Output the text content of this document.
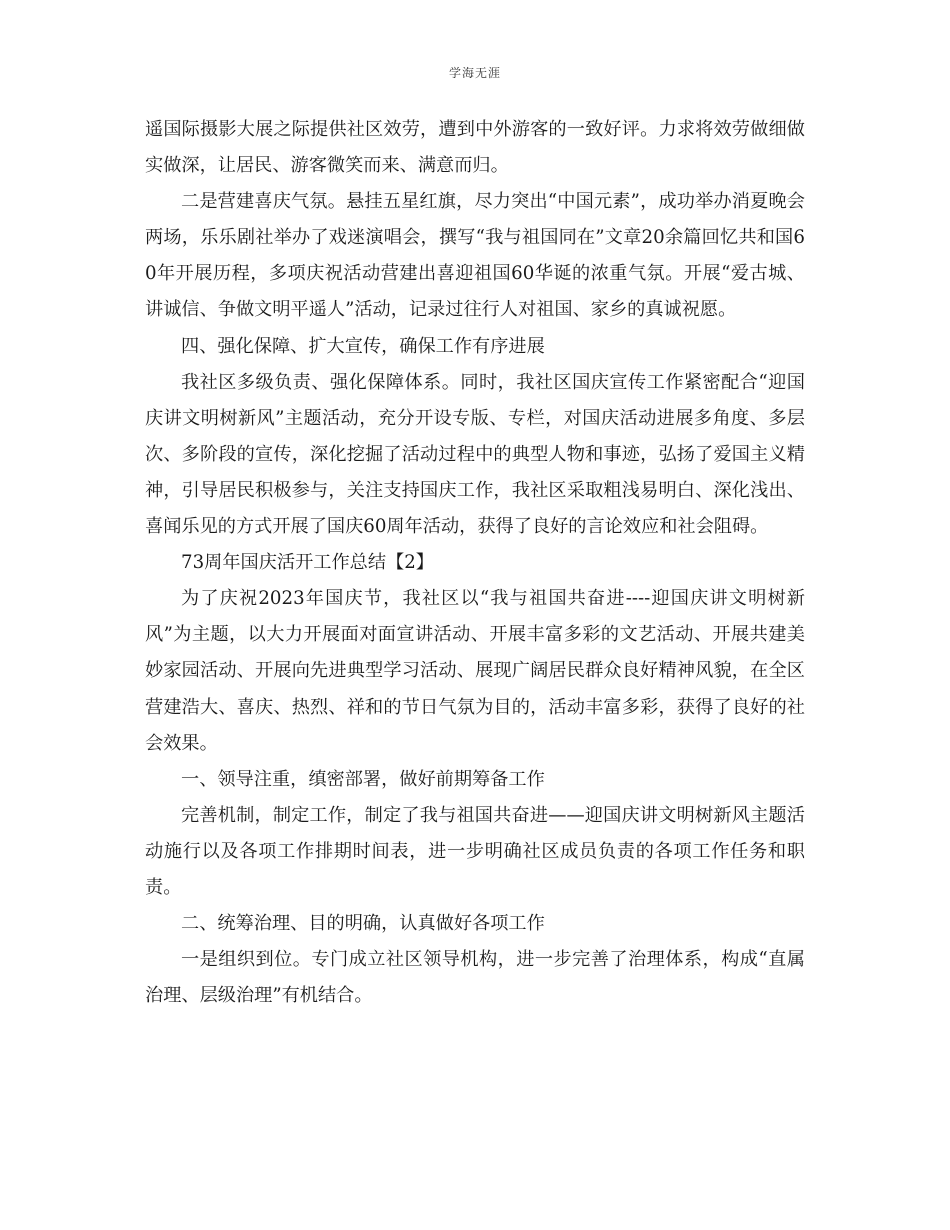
学海无涯

遥国际摄影大展之际提供社区效劳，遭到中外游客的一致好评。力求将效劳做细做实做深，让居民、游客微笑而来、满意而归。

二是营建喜庆气氛。悬挂五星红旗，尽力突出“中国元素”，成功举办消夏晚会两场，乐乐剧社举办了戏迷演唱会，撰写“我与祖国同在”文章20余篇回忆共和国60年开展历程，多项庆祝活动营建出喜迎祖国60华诞的浓重气氛。开展“爱古城、讲诚信、争做文明平遥人”活动，记录过往行人对祖国、家乡的真诚祝愿。

四、强化保障、扩大宣传，确保工作有序进展

我社区多级负责、强化保障体系。同时，我社区国庆宣传工作紧密配合“迎国庆讲文明树新风”主题活动，充分开设专版、专栏，对国庆活动进展多角度、多层次、多阶段的宣传，深化挖掘了活动过程中的典型人物和事迹，弘扬了爱国主义精神，引导居民积极参与，关注支持国庆工作，我社区采取粗浅易明白、深化浅出、喜闻乐见的方式开展了国庆60周年活动，获得了良好的言论效应和社会阻碍。

73周年国庆活开工作总结【2】

为了庆祝2023年国庆节，我社区以“我与祖国共奋进----迎国庆讲文明树新风”为主题，以大力开展面对面宣讲活动、开展丰富多彩的文艺活动、开展共建美妙家园活动、开展向先进典型学习活动、展现广阔居民群众良好精神风貌，在全区营建浩大、喜庆、热烈、祥和的节日气氛为目的，活动丰富多彩，获得了良好的社会效果。

一、领导注重，缜密部署，做好前期筹备工作

完善机制，制定工作，制定了我与祖国共奋进——迎国庆讲文明树新风主题活动施行以及各项工作排期时间表，进一步明确社区成员负责的各项工作任务和职责。

二、统筹治理、目的明确，认真做好各项工作

一是组织到位。专门成立社区领导机构，进一步完善了治理体系，构成“直属治理、层级治理”有机结合。
